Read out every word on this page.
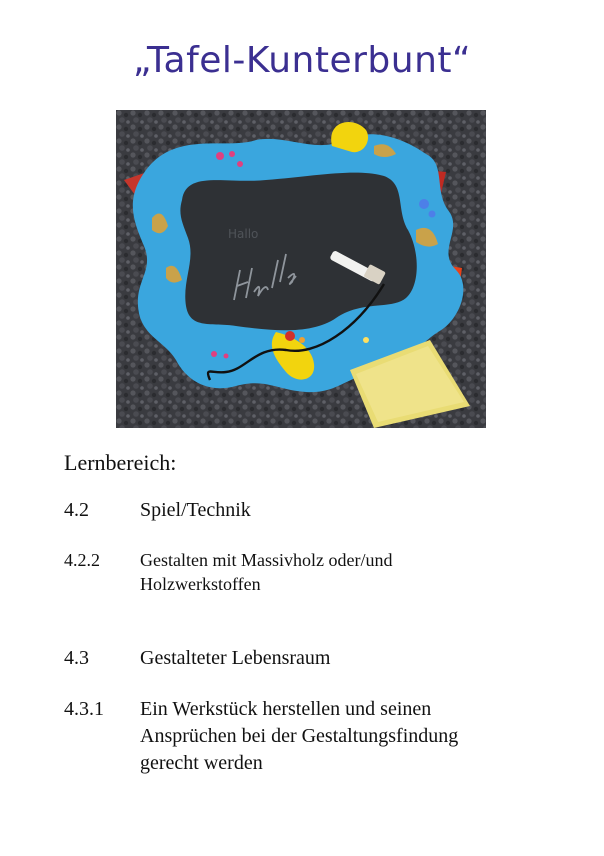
„Tafel-Kunterbunt“
Hallo
Lernbereich:
4.2	Spiel/Technik
4.2.2	Gestalten mit Massivholz oder/und
Holzwerkstoffen
4.3	Gestalteter Lebensraum
4.3.1	Ein Werkstück herstellen und seinen
Ansprüchen bei der Gestaltungsfindung
gerecht werden
